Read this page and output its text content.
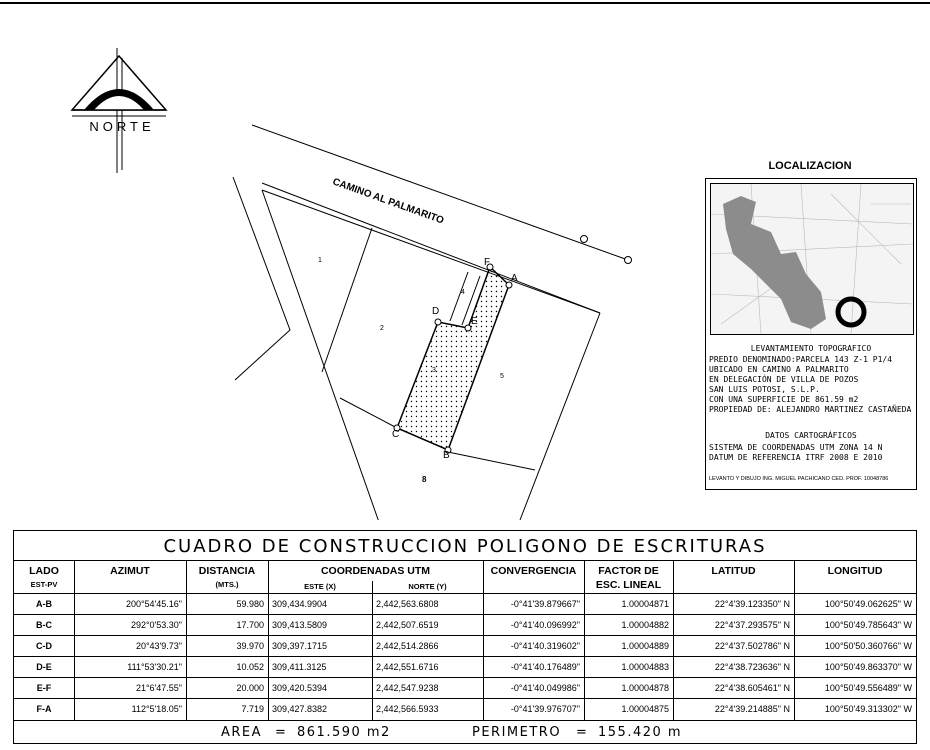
NORTE
A
B
C
D
E
F
CAMINO AL PALMARITO
1
2
3
4
5
8
LOCALIZACION
LEVANTAMIENTO TOPOGRAFICO
PREDIO DENOMINADO:PARCELA 143 Z-1 P1/4
UBICADO EN CAMINO A PALMARITO
EN DELEGACIÓN DE VILLA DE POZOS
SAN LUIS POTOSI, S.L.P.
CON UNA SUPERFICIE DE 861.59 m2
PROPIEDAD DE: ALEJANDRO MARTINEZ CASTAÑEDA
DATOS CARTOGRÁFICOS
SISTEMA DE COORDENADAS UTM ZONA 14 N
DATUM DE REFERENCIA ITRF 2008 E 2010
LEVANTO Y DIBUJO ING. MIGUEL PACHICANO CED. PROF. 10048786
CUADRO DE CONSTRUCCION POLIGONO DE ESCRITURAS
LADO
EST-PV
AZIMUT	DISTANCIA
(MTS.)
COORDENADAS UTM
ESTE (X)	NORTE (Y)
CONVERGENCIA	FACTOR DE
ESC. LINEAL
LATITUD	LONGITUD
A-B	200°54'45.16"	59.980 309,434.9904	2,442,563.6808	-0°41'39.879667"	1.00004871	22°4'39.123350" N	100°50'49.062625" W
B-C	292°0'53.30"	17.700 309,413.5809	2,442,507.6519	-0°41'40.096992"	1.00004882	22°4'37.293575" N	100°50'49.785643" W
C-D	20°43'9.73"	39.970 309,397.1715	2,442,514.2866	-0°41'40.319602"	1.00004889	22°4'37.502786" N	100°50'50.360766" W
D-E	111°53'30.21"	10.052 309,411.3125	2,442,551.6716	-0°41'40.176489"	1.00004883	22°4'38.723636" N	100°50'49.863370" W
E-F	21°6'47.55"	20.000 309,420.5394	2,442,547.9238	-0°41'40.049986"	1.00004878	22°4'38.605461" N	100°50'49.556489" W
F-A	112°5'18.05"	7.719 309,427.8382	2,442,566.5933	-0°41'39.976707"	1.00004875	22°4'39.214885" N	100°50'49.313302" W
AREA = 861.590 m2	PERIMETRO = 155.420 m
